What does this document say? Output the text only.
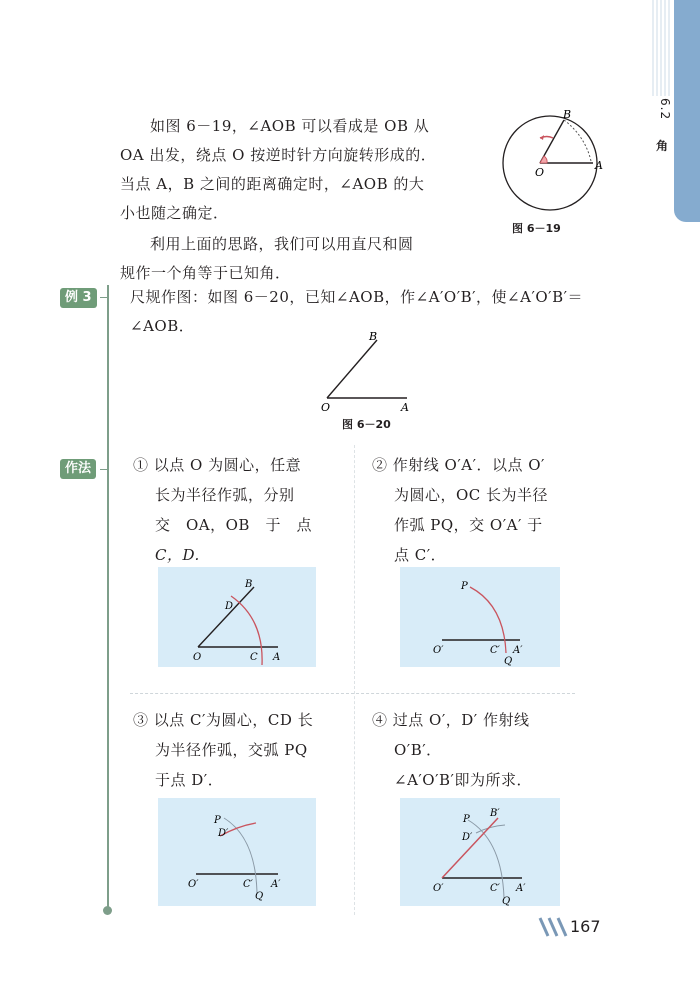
6.2
角
如图 6－19，∠AOB 可以看成是 OB 从
OA 出发，绕点 O 按逆时针方向旋转形成的．
当点 A，B 之间的距离确定时，∠AOB 的大
小也随之确定．
利用上面的思路，我们可以用直尺和圆
规作一个角等于已知角．
O
A
B
图 6－19
例 3	尺规作图：如图 6－20，已知∠AOB，作∠A′O′B′，使∠A′O′B′＝
∠AOB．
O	A
B
图 6－20
作法	① 以点 O 为圆心，任意
长为半径作弧，分别
交　OA，OB　于　点
C，D.
O	C A
B
D
② 作射线 O′A′．以点 O′
为圆心，OC 长为半径
作弧 PQ，交 O′A′ 于
点 C′．
O′	C′ A′
P
Q
③ 以点 C′为圆心，CD 长
为半径作弧，交弧 PQ
于点 D′．
O′	C′ A′
P
D′
Q
④ 过点 O′，D′ 作射线
O′B′．
∠A′O′B′即为所求．
O′	C′ A′
P
D′
B′
Q
167
